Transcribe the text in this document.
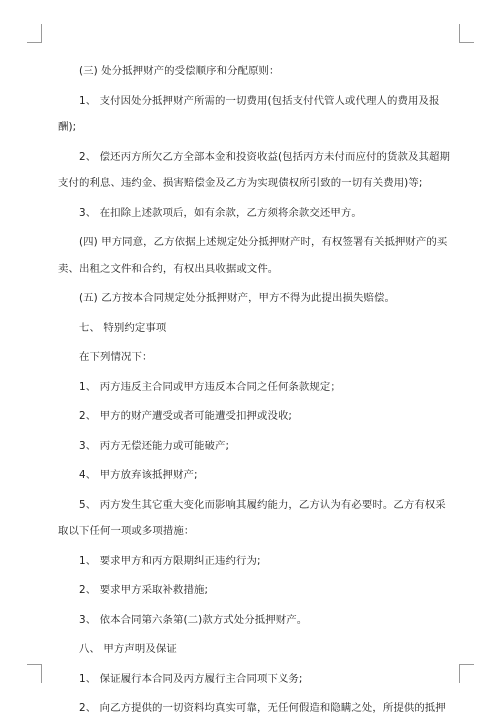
(三) 处分抵押财产的受偿顺序和分配原则：
1、 支付因处分抵押财产所需的一切费用(包括支付代管人或代理人的费用及报
酬);
2、 偿还丙方所欠乙方全部本金和投资收益(包括丙方未付而应付的货款及其超期
支付的利息、违约金、损害赔偿金及乙方为实现债权所引致的一切有关费用)等;
3、 在扣除上述款项后，如有余款，乙方须将余款交还甲方。
(四) 甲方同意，乙方依据上述规定处分抵押财产时，有权签署有关抵押财产的买
卖、出租之文件和合约，有权出具收据或文件。
(五) 乙方按本合同规定处分抵押财产，甲方不得为此提出损失赔偿。
七、 特别约定事项
在下列情况下：
1、 丙方违反主合同或甲方违反本合同之任何条款规定；
2、 甲方的财产遭受或者可能遭受扣押或没收;
3、 丙方无偿还能力或可能破产;
4、 甲方放弃该抵押财产;
5、 丙方发生其它重大变化而影响其履约能力，乙方认为有必要时。乙方有权采
取以下任何一项或多项措施：
1、 要求甲方和丙方限期纠正违约行为;
2、 要求甲方采取补救措施;
3、 依本合同第六条第(二)款方式处分抵押财产。
八、 甲方声明及保证
1、 保证履行本合同及丙方履行主合同项下义务;
2、 向乙方提供的一切资料均真实可靠，无任何假造和隐瞒之处，所提供的抵押
